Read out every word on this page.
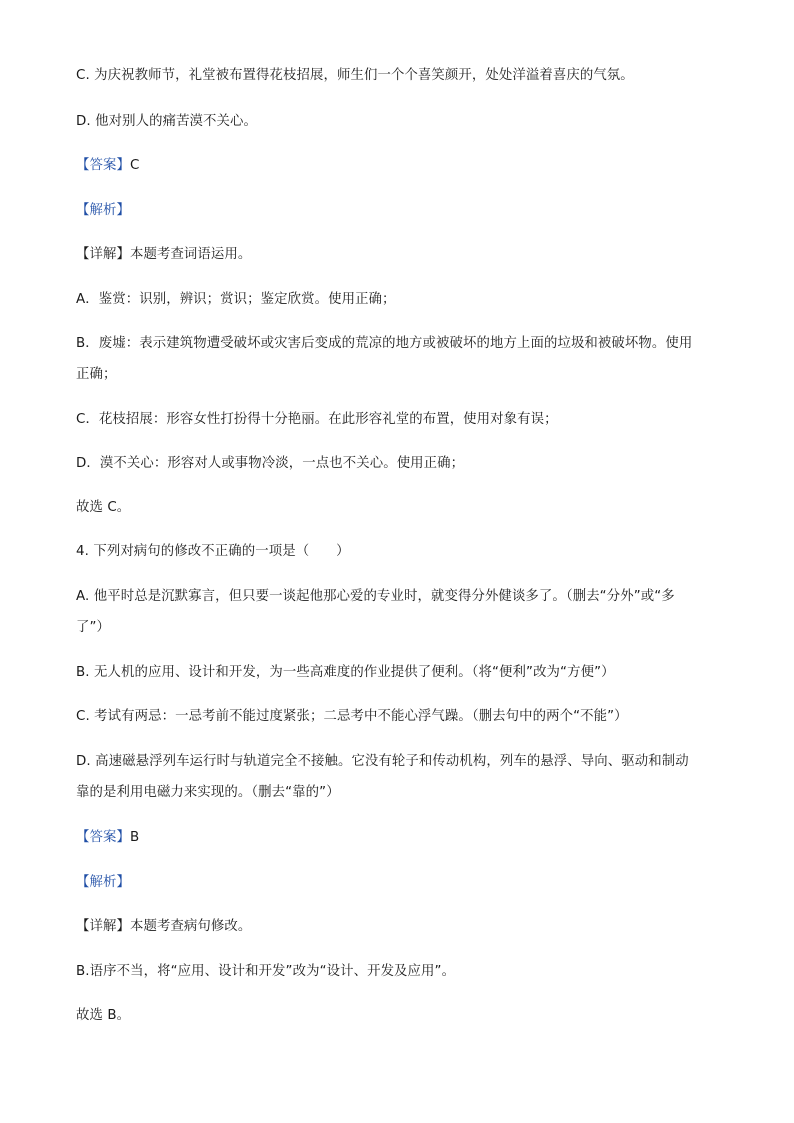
C. 为庆祝教师节，礼堂被布置得花枝招展，师生们一个个喜笑颜开，处处洋溢着喜庆的气氛。
D. 他对别人的痛苦漠不关心。
【答案】C
【解析】
【详解】本题考查词语运用。
A．鉴赏：识别，辨识；赏识；鉴定欣赏。使用正确；
B．废墟：表示建筑物遭受破坏或灾害后变成的荒凉的地方或被破坏的地方上面的垃圾和被破坏物。使用
正确；
C．花枝招展：形容女性打扮得十分艳丽。在此形容礼堂的布置，使用对象有误；
D．漠不关心：形容对人或事物冷淡，一点也不关心。使用正确；
故选 C。
4. 下列对病句的修改不正确的一项是（　　）
A. 他平时总是沉默寡言，但只要一谈起他那心爱的专业时，就变得分外健谈多了。（删去“分外”或“多
了”）
B. 无人机的应用、设计和开发，为一些高难度的作业提供了便利。（将“便利”改为“方便”）
C. 考试有两忌：一忌考前不能过度紧张；二忌考中不能心浮气躁。（删去句中的两个“不能”）
D. 高速磁悬浮列车运行时与轨道完全不接触。它没有轮子和传动机构，列车的悬浮、导向、驱动和制动
靠的是利用电磁力来实现的。（删去“靠的”）
【答案】B
【解析】
【详解】本题考查病句修改。
B.语序不当，将“应用、设计和开发”改为“设计、开发及应用”。
故选 B。
